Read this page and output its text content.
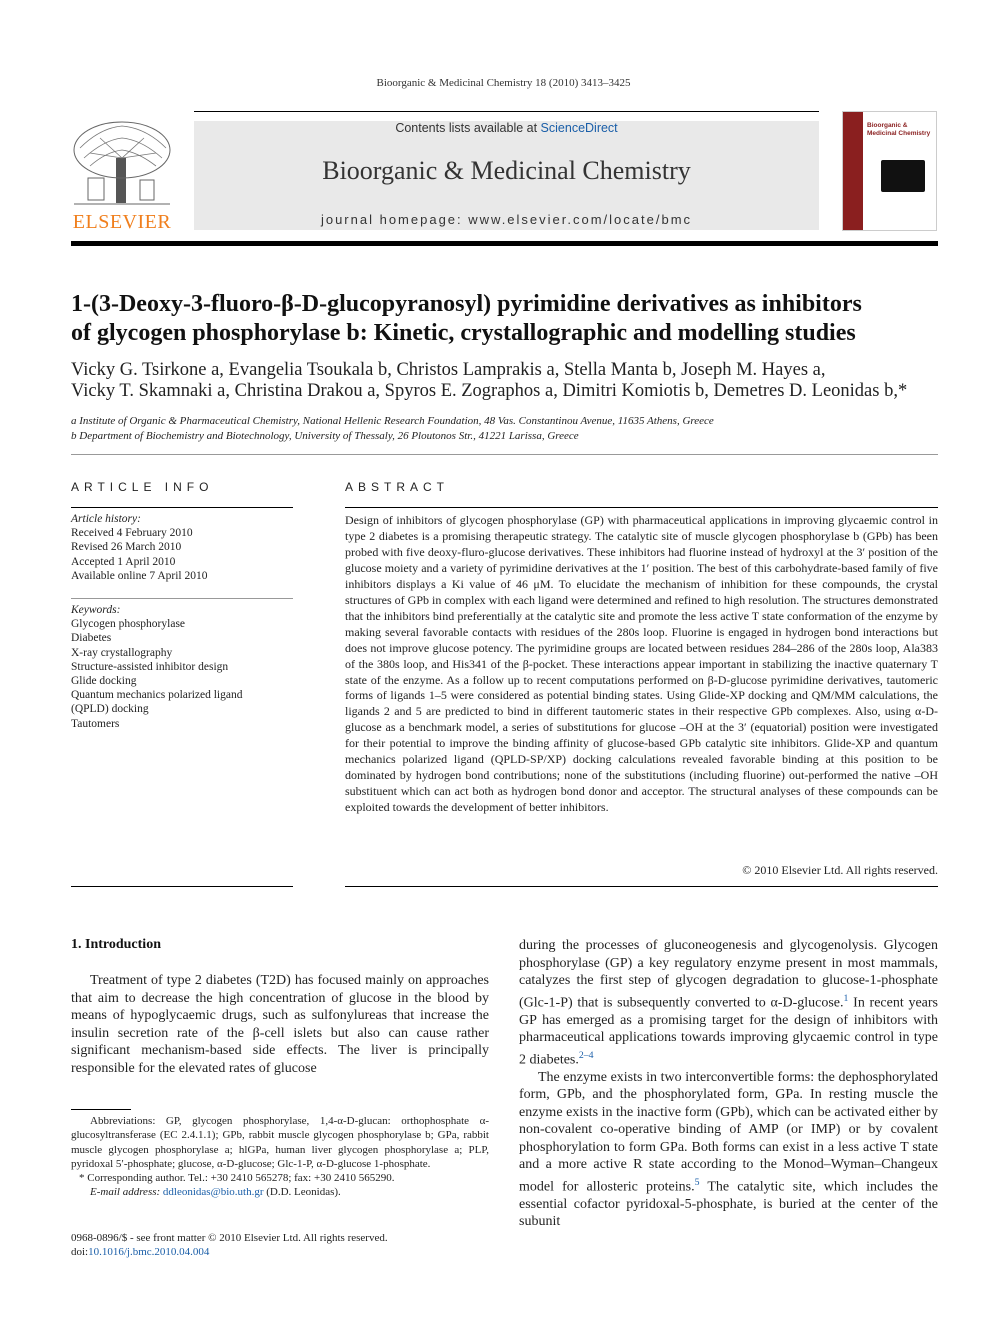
Bioorganic & Medicinal Chemistry 18 (2010) 3413–3425
ELSEVIER
Contents lists available at ScienceDirect
Bioorganic & Medicinal Chemistry
journal homepage: www.elsevier.com/locate/bmc
Bioorganic & Medicinal Chemistry
1-(3-Deoxy-3-fluoro-β-D-glucopyranosyl) pyrimidine derivatives as inhibitors
of glycogen phosphorylase b: Kinetic, crystallographic and modelling studies
Vicky G. Tsirkone a, Evangelia Tsoukala b, Christos Lamprakis a, Stella Manta b, Joseph M. Hayes a,
Vicky T. Skamnaki a, Christina Drakou a, Spyros E. Zographos a, Dimitri Komiotis b, Demetres D. Leonidas b,*
a Institute of Organic & Pharmaceutical Chemistry, National Hellenic Research Foundation, 48 Vas. Constantinou Avenue, 11635 Athens, Greece
b Department of Biochemistry and Biotechnology, University of Thessaly, 26 Ploutonos Str., 41221 Larissa, Greece
ARTICLE INFO
Article history:
Received 4 February 2010
Revised 26 March 2010
Accepted 1 April 2010
Available online 7 April 2010
Keywords:
Glycogen phosphorylase
Diabetes
X-ray crystallography
Structure-assisted inhibitor design
Glide docking
Quantum mechanics polarized ligand
(QPLD) docking
Tautomers
ABSTRACT
Design of inhibitors of glycogen phosphorylase (GP) with pharmaceutical applications in improving glycaemic control in type 2 diabetes is a promising therapeutic strategy. The catalytic site of muscle glycogen phosphorylase b (GPb) has been probed with five deoxy-fluro-glucose derivatives. These inhibitors had fluorine instead of hydroxyl at the 3′ position of the glucose moiety and a variety of pyrimidine derivatives at the 1′ position. The best of this carbohydrate-based family of five inhibitors displays a Ki value of 46 μM. To elucidate the mechanism of inhibition for these compounds, the crystal structures of GPb in complex with each ligand were determined and refined to high resolution. The structures demonstrated that the inhibitors bind preferentially at the catalytic site and promote the less active T state conformation of the enzyme by making several favorable contacts with residues of the 280s loop. Fluorine is engaged in hydrogen bond interactions but does not improve glucose potency. The pyrimidine groups are located between residues 284–286 of the 280s loop, Ala383 of the 380s loop, and His341 of the β-pocket. These interactions appear important in stabilizing the inactive quaternary T state of the enzyme. As a follow up to recent computations performed on β-D-glucose pyrimidine derivatives, tautomeric forms of ligands 1–5 were considered as potential binding states. Using Glide-XP docking and QM/MM calculations, the ligands 2 and 5 are predicted to bind in different tautomeric states in their respective GPb complexes. Also, using α-D-glucose as a benchmark model, a series of substitutions for glucose –OH at the 3′ (equatorial) position were investigated for their potential to improve the binding affinity of glucose-based GPb catalytic site inhibitors. Glide-XP and quantum mechanics polarized ligand (QPLD-SP/XP) docking calculations revealed favorable binding at this position to be dominated by hydrogen bond contributions; none of the substitutions (including fluorine) out-performed the native –OH substituent which can act both as hydrogen bond donor and acceptor. The structural analyses of these compounds can be exploited towards the development of better inhibitors.
© 2010 Elsevier Ltd. All rights reserved.
1. Introduction

Treatment of type 2 diabetes (T2D) has focused mainly on approaches that aim to decrease the high concentration of glucose in the blood by means of hypoglycaemic drugs, such as sulfonylureas that increase the insulin secretion rate of the β-cell islets but also can cause rather significant mechanism-based side effects. The liver is principally responsible for the elevated rates of glucose

during the processes of gluconeogenesis and glycogenolysis. Glycogen phosphorylase (GP) a key regulatory enzyme present in most mammals, catalyzes the first step of glycogen degradation to glucose-1-phosphate (Glc-1-P) that is subsequently converted to α-D-glucose.$^1$ In recent years GP has emerged as a promising target for the design of inhibitors with pharmaceutical applications towards improving glycaemic control in type 2 diabetes.$^{2-4}$

The enzyme exists in two interconvertible forms: the dephosphorylated form, GPb, and the phosphorylated form, GPa. In resting muscle the enzyme exists in the inactive form (GPb), which can be activated either by non-covalent co-operative binding of AMP (or IMP) or by covalent phosphorylation to form GPa. Both forms can exist in a less active T state and a more active R state according to the Monod–Wyman–Changeux model for allosteric proteins.$^5$ The catalytic site, which includes the essential cofactor pyridoxal-5-phosphate, is buried at the center of the subunit

Abbreviations: GP, glycogen phosphorylase, 1,4-α-D-glucan: orthophosphate α-glucosyltransferase (EC 2.4.1.1); GPb, rabbit muscle glycogen phosphorylase b; GPa, rabbit muscle glycogen phosphorylase a; hlGPa, human liver glycogen phosphorylase a; PLP, pyridoxal 5′-phosphate; glucose, α-D-glucose; Glc-1-P, α-D-glucose 1-phosphate.
* Corresponding author. Tel.: +30 2410 565278; fax: +30 2410 565290.
E-mail address: ddleonidas@bio.uth.gr (D.D. Leonidas).
0968-0896/$ - see front matter © 2010 Elsevier Ltd. All rights reserved.
doi:10.1016/j.bmc.2010.04.004
